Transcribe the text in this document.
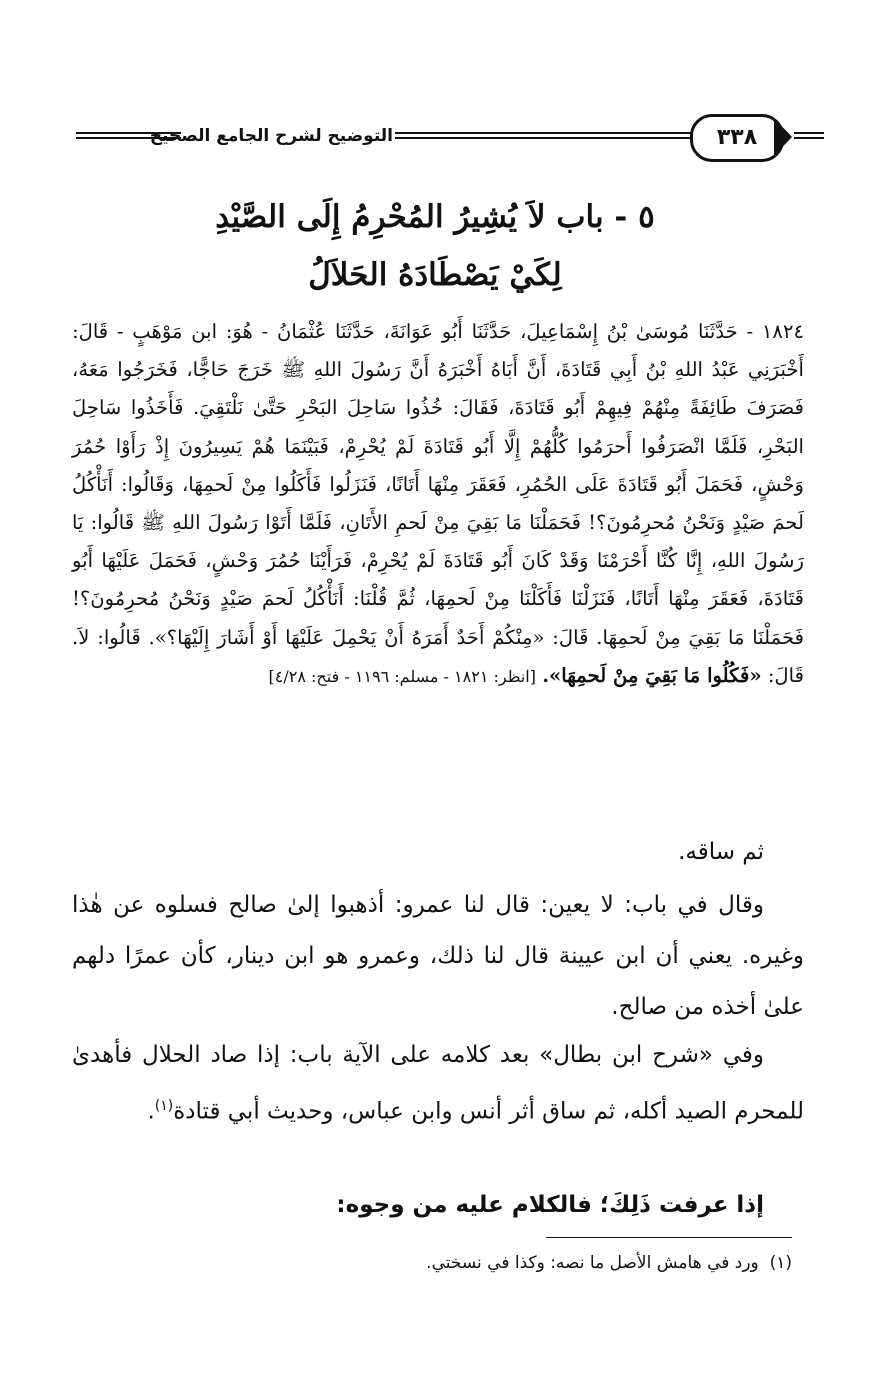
التوضيح لشرح الجامع الصحيح	٣٣٨
٥ - باب لاَ يُشِيرُ المُحْرِمُ إِلَى الصَّيْدِ
لِكَيْ يَصْطَادَهُ الحَلاَلُ
١٨٢٤ - حَدَّثَنَا مُوسَىٰ بْنُ إِسْمَاعِيلَ، حَدَّثَنَا أَبُو عَوَانَةَ، حَدَّثَنَا عُثْمَانُ - هُوَ: ابن مَوْهَبٍ - قَالَ: أَخْبَرَنِي عَبْدُ اللهِ بْنُ أَبِي قَتَادَةَ، أَنَّ أَبَاهُ أَخْبَرَهُ أَنَّ رَسُولَ اللهِ ﷺ خَرَجَ حَاجًّا، فَخَرَجُوا مَعَهُ، فَصَرَفَ طَائِفَةً مِنْهُمْ فِيهِمْ أَبُو قَتَادَةَ، فَقَالَ: خُذُوا سَاحِلَ البَحْرِ حَتَّىٰ نَلْتَقِيَ. فَأَخَذُوا سَاحِلَ البَحْرِ، فَلَمَّا انْصَرَفُوا أَحرَمُوا كُلُّهُمْ إِلَّا أَبُو قَتَادَةَ لَمْ يُحْرِمْ، فَبَيْنَمَا هُمْ يَسِيرُونَ إِذْ رَأَوْا حُمُرَ وَحْشٍ، فَحَمَلَ أَبُو قَتَادَةَ عَلَى الحُمُرِ، فَعَقَرَ مِنْهَا أَتَانًا، فَنَزَلُوا فَأَكَلُوا مِنْ لَحمِهَا، وَقَالُوا: أَنَأْكُلُ لَحمَ صَيْدٍ وَنَحْنُ مُحرِمُونَ؟! فَحَمَلْنَا مَا بَقِيَ مِنْ لَحمِ الأَتَانِ، فَلَمَّا أَتَوْا رَسُولَ اللهِ ﷺ قَالُوا: يَا رَسُولَ اللهِ، إِنَّا كُنَّا أَحْرَمْنَا وَقَدْ كَانَ أَبُو قَتَادَةَ لَمْ يُحْرِمْ، فَرَأَيْنَا حُمُرَ وَحْشٍ، فَحَمَلَ عَلَيْهَا أَبُو قَتَادَةَ، فَعَقَرَ مِنْهَا أَتَانًا، فَنَزَلْنَا فَأَكَلْنَا مِنْ لَحمِهَا، ثُمَّ قُلْنَا: أَنَأْكُلُ لَحمَ صَيْدٍ وَنَحْنُ مُحرِمُونَ؟! فَحَمَلْنَا مَا بَقِيَ مِنْ لَحمِهَا. قَالَ: «مِنْكُمْ أَحَدٌ أَمَرَهُ أَنْ يَحْمِلَ عَلَيْهَا أَوْ أَشَارَ إِلَيْهَا؟». قَالُوا: لاَ. قَالَ: «فَكُلُوا مَا بَقِيَ مِنْ لَحمِهَا». [انظر: ١٨٢١ - مسلم: ١١٩٦ - فتح: ٤/٢٨]
ثم ساقه.
وقال في باب: لا يعين: قال لنا عمرو: أذهبوا إلىٰ صالح فسلوه عن هٰذا وغيره. يعني أن ابن عيينة قال لنا ذلك، وعمرو هو ابن دينار، كأن عمرًا دلهم علىٰ أخذه من صالح.
وفي «شرح ابن بطال» بعد كلامه على الآية باب: إذا صاد الحلال فأهدىٰ للمحرم الصيد أكله، ثم ساق أثر أنس وابن عباس، وحديث أبي قتادة$^{(١)}$.
إذا عرفت ذَلِكَ؛ فالكلام عليه من وجوه:
(١)  ورد في هامش الأصل ما نصه: وكذا في نسختي.
